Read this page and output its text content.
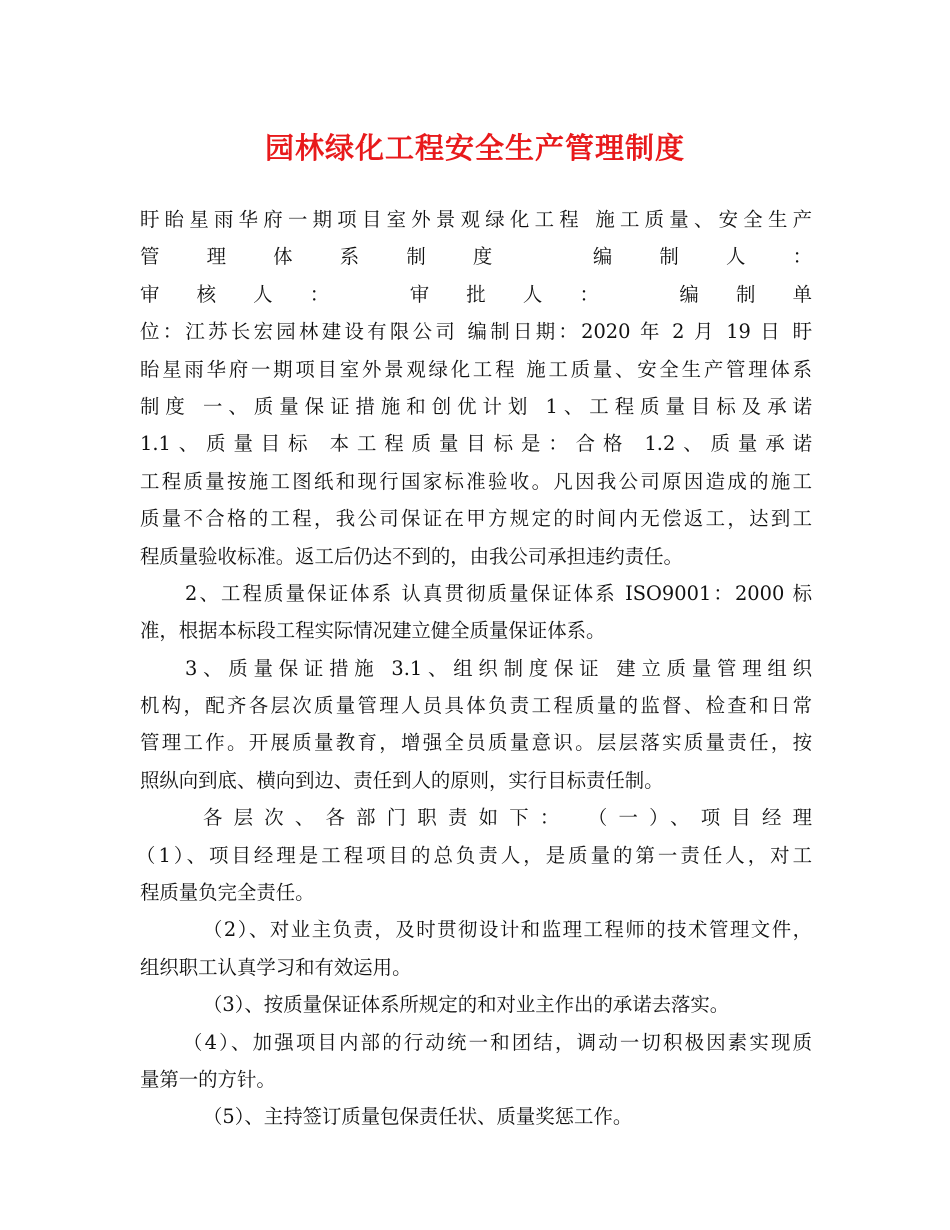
园林绿化工程安全生产管理制度
盱眙星雨华府一期项目室外景观绿化工程 施工质量、安全生产
管理体系制度 编制人：
审核人： 审批人： 编制单
位：江苏长宏园林建设有限公司 编制日期：2020 年 2 月 19 日 盱
眙星雨华府一期项目室外景观绿化工程 施工质量、安全生产管理体系
制度 一、质量保证措施和创优计划 1、工程质量目标及承诺
1.1、质量目标 本工程质量目标是：合格 1.2、质量承诺
工程质量按施工图纸和现行国家标准验收。凡因我公司原因造成的施工
质量不合格的工程，我公司保证在甲方规定的时间内无偿返工，达到工
程质量验收标准。返工后仍达不到的，由我公司承担违约责任。
2、工程质量保证体系 认真贯彻质量保证体系 ISO9001：2000 标
准，根据本标段工程实际情况建立健全质量保证体系。
3、质量保证措施 3.1、组织制度保证 建立质量管理组织
机构，配齐各层次质量管理人员具体负责工程质量的监督、检查和日常
管理工作。开展质量教育，增强全员质量意识。层层落实质量责任，按
照纵向到底、横向到边、责任到人的原则，实行目标责任制。
各层次、各部门职责如下： （一）、项目经理
（1）、项目经理是工程项目的总负责人，是质量的第一责任人，对工
程质量负完全责任。
（2）、对业主负责，及时贯彻设计和监理工程师的技术管理文件，
组织职工认真学习和有效运用。
（3）、按质量保证体系所规定的和对业主作出的承诺去落实。
（4）、加强项目内部的行动统一和团结，调动一切积极因素实现质
量第一的方针。
（5）、主持签订质量包保责任状、质量奖惩工作。
